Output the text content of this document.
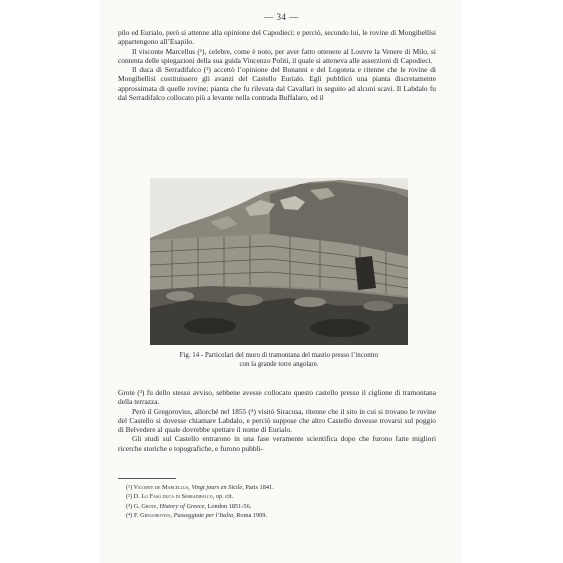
— 34 —

pilo ed Eurialo, però si attenne alla opinione del Capodieci; e perciò, secondo lui, le rovine di Mongibellisi appartengono all’Esapilo.

Il visconte Marcellus (¹), celebre, come è noto, per aver fatto ottenere al Louvre la Venere di Milo, si contenta delle spiegazioni della sua guida Vincenzo Politi, il quale si atteneva alle asserzioni di Capodieci.

Il duca di Serradifalco (²) accettò l’opinione del Bonanni e del Logoteta e ritenne che le rovine di Mongibellisi costituissero gli avanzi del Castello Eurialo. Egli pubblicò una pianta discretamente approssimata di quelle rovine; pianta che fu rilevata dal Cavallari in seguito ad alcuni scavi. Il Labdalo fu dal Serradifalco collocato più a levante nella contrada Buffalaro, ed il

Fig. 14 - Particolari del muro di tramontana del mastio presso l’incontro
con la grande torre angolare.

Grote (³) fu dello stesso avviso, sebbene avesse collocato questo castello presso il ciglione di tramontana della terrazza.

Però il Gregorovius, allorché nel 1855 (⁴) visitò Siracusa, ritenne che il sito in cui si trovano le rovine del Castello si dovesse chiamare Labdalo, e perciò suppose che altro Castello dovesse trovarsi sul poggio di Belvedere al quale dovrebbe spettare il nome di Eurialo.

Gli studi sul Castello entrarono in una fase veramente scientifica dopo che furono fatte migliori ricerche storiche e topografiche, e furono pubbli-

(¹) Vicomte de Marcellus, Vingt jours en Sicile, Paris 1841.
(²) D. Lo Faso duca di Serradifalco, op. cit.
(³) G. Grote, History of Greece, London 1851-56.
(⁴) F. Gregorovius, Passeggiate per l’Italia, Roma 1909.
